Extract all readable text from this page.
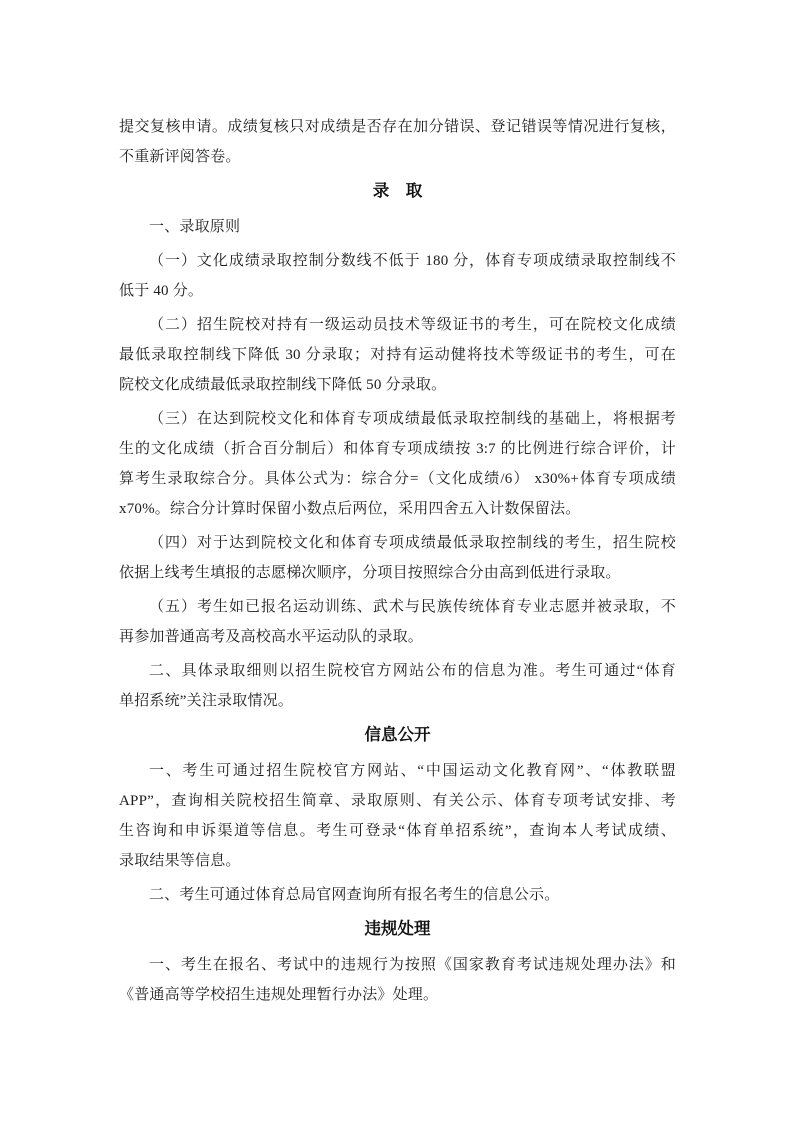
提交复核申请。成绩复核只对成绩是否存在加分错误、登记错误等情况进行复核，
不重新评阅答卷。
录　取
一、录取原则
（一）文化成绩录取控制分数线不低于 180 分，体育专项成绩录取控制线不
低于 40 分。
（二）招生院校对持有一级运动员技术等级证书的考生，可在院校文化成绩
最低录取控制线下降低 30 分录取；对持有运动健将技术等级证书的考生，可在
院校文化成绩最低录取控制线下降低 50 分录取。
（三）在达到院校文化和体育专项成绩最低录取控制线的基础上，将根据考
生的文化成绩（折合百分制后）和体育专项成绩按 3:7 的比例进行综合评价，计
算考生录取综合分。具体公式为：综合分=（文化成绩/6） x30%+体育专项成绩
x70%。综合分计算时保留小数点后两位，采用四舍五入计数保留法。
（四）对于达到院校文化和体育专项成绩最低录取控制线的考生，招生院校
依据上线考生填报的志愿梯次顺序，分项目按照综合分由高到低进行录取。
（五）考生如已报名运动训练、武术与民族传统体育专业志愿并被录取，不
再参加普通高考及高校高水平运动队的录取。
二、具体录取细则以招生院校官方网站公布的信息为准。考生可通过“体育
单招系统”关注录取情况。
信息公开
一、考生可通过招生院校官方网站、“中国运动文化教育网”、“体教联盟
APP”，查询相关院校招生简章、录取原则、有关公示、体育专项考试安排、考
生咨询和申诉渠道等信息。考生可登录“体育单招系统”，查询本人考试成绩、
录取结果等信息。
二、考生可通过体育总局官网查询所有报名考生的信息公示。
违规处理
一、考生在报名、考试中的违规行为按照《国家教育考试违规处理办法》和
《普通高等学校招生违规处理暂行办法》处理。
